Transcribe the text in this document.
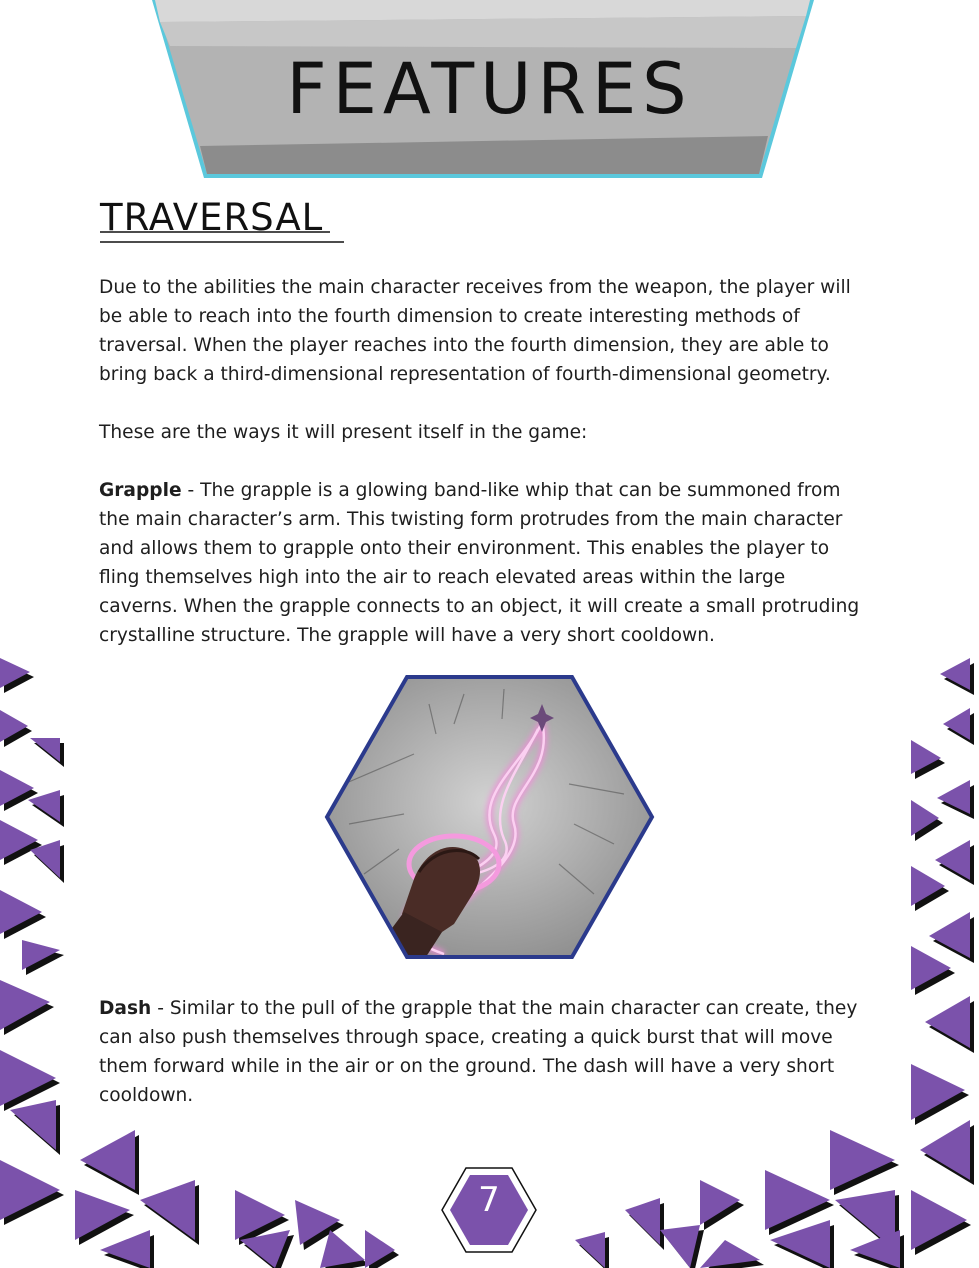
FEATURES
TRAVERSAL

Due to the abilities the main character receives from the weapon, the player will

be able to reach into the fourth dimension to create interesting methods of

traversal. When the player reaches into the fourth dimension, they are able to

bring back a third-dimensional representation of fourth-dimensional geometry.

These are the ways it will present itself in the game:

Grapple - The grapple is a glowing band-like whip that can be summoned from

the main character’s arm. This twisting form protrudes from the main character

and allows them to grapple onto their environment. This enables the player to

fling themselves high into the air to reach elevated areas within the large

caverns. When the grapple connects to an object, it will create a small protruding

crystalline structure. The grapple will have a very short cooldown.

Dash - Similar to the pull of the grapple that the main character can create, they

can also push themselves through space, creating a quick burst that will move

them forward while in the air or on the ground. The dash will have a very short

cooldown.

7
